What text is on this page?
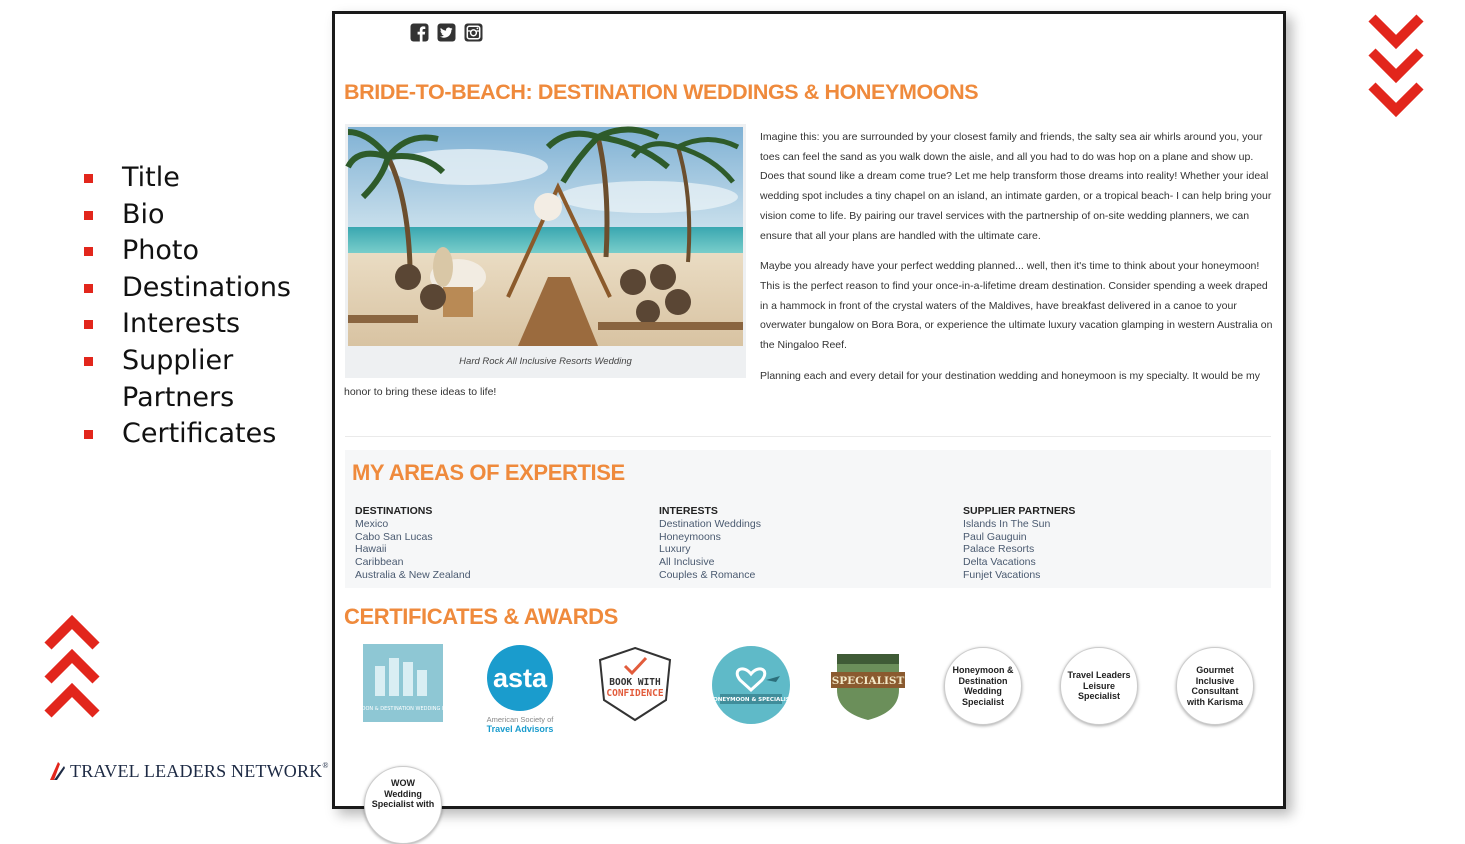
Title
Bio
Photo
Destinations
Interests
Supplier Partners
Certificates
TRAVEL LEADERS NETWORK®
BRIDE-TO-BEACH: DESTINATION WEDDINGS & HONEYMOONS
Hard Rock All Inclusive Resorts Wedding

Imagine this: you are surrounded by your closest family and friends, the salty sea air whirls around you, your toes can feel the sand as you walk down the aisle, and all you had to do was hop on a plane and show up. Does that sound like a dream come true? Let me help transform those dreams into reality! Whether your ideal wedding spot includes a tiny chapel on an island, an intimate garden, or a tropical beach- I can help bring your vision come to life. By pairing our travel services with the partnership of on-site wedding planners, we can ensure that all your plans are handled with the ultimate care.

Maybe you already have your perfect wedding planned... well, then it's time to think about your honeymoon! This is the perfect reason to find your once-in-a-lifetime dream destination. Consider spending a week draped in a hammock in front of the crystal waters of the Maldives, have breakfast delivered in a canoe to your overwater bungalow on Bora Bora, or experience the ultimate luxury vacation glamping in western Australia on the Ningaloo Reef.

Planning each and every detail for your destination wedding and honeymoon is my specialty. It would be my

honor to bring these ideas to life!
MY AREAS OF EXPERTISE
DESTINATIONS
Mexico
Cabo San Lucas
Hawaii
Caribbean
Australia & New Zealand
INTERESTS
Destination Weddings
Honeymoons
Luxury
All Inclusive
Couples & Romance
SUPPLIER PARTNERS
Islands In The Sun
Paul Gauguin
Palace Resorts
Delta Vacations
Funjet Vacations
CERTIFICATES & AWARDS
HONEYMOON & DESTINATION WEDDING REGISTRY
asta
American Society of
Travel Advisors
BOOK WITH
CONFIDENCE
HONEYMOON & SPECIALIST
SPECIALIST
Honeymoon & Destination Wedding Specialist
Travel Leaders Leisure Specialist
Gourmet Inclusive Consultant with Karisma
WOW Wedding Specialist with
